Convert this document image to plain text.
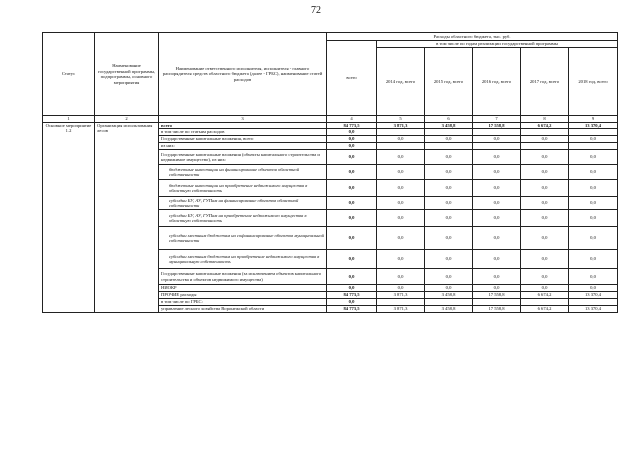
72
Статус	Наименование государственной программы, подпрограммы, основного мероприятия	Наименование ответственного исполнителя, исполнителя - главного распорядителя средств областного бюджета (далее - ГРБС), наименование статей расходов	Расходы областного бюджета, тыс. руб.					
			всего	в том числе по годам реализации государственной программы				
				2014 год, всего	2015 год, всего	2016 год, всего	2017 год, всего	2018 год, всего
1	2	3	4	5	6	7	8	9
Основное мероприятие 1.2	Организация использования лесов	всего	84 773,5	3 871,3	3 458,8	17 558,8	6 674,2	13 370,4
		в том числе по статьям расходов	0,0					
		Государственные капитальные вложения, всего	0,0	0,0	0,0	0,0	0,0	0,0
		из них:	0,0					
		Государственные капитальные вложения (объекты капитального строительства и недвижимое имущество), из них:	0,0	0,0	0,0	0,0	0,0	0,0
		бюджетные инвестиции на финансирование объектов областной собственности	0,0	0,0	0,0	0,0	0,0	0,0
		бюджетные инвестиции на приобретение недвижимого имущества в областную собственность	0,0	0,0	0,0	0,0	0,0	0,0
		субсидии БУ, АУ, ГУПам на финансирование объектов областной собственности	0,0	0,0	0,0	0,0	0,0	0,0
		субсидии БУ, АУ, ГУПам на приобретение недвижимого имущества в областную собственность	0,0	0,0	0,0	0,0	0,0	0,0
		субсидии местным бюджетам на софинансирование объектов муниципальной собственности	0,0	0,0	0,0	0,0	0,0	0,0
		субсидии местным бюджетам на приобретение недвижимого имущества в муниципальную собственность	0,0	0,0	0,0	0,0	0,0	0,0
		Государственные капитальные вложения (за исключением объектов капитального строительства и объектов недвижимого имущества)	0,0	0,0	0,0	0,0	0,0	0,0
		НИОКР	0,0	0,0	0,0	0,0	0,0	0,0
		ПРОЧИЕ расходы	84 773,5	3 871,3	3 458,8	17 558,8	6 674,2	13 370,4
		в том числе по ГРБС:	0,0					
		управление лесного хозяйства Воронежской области	84 773,5	3 871,3	3 458,8	17 558,8	6 674,2	13 370,4
